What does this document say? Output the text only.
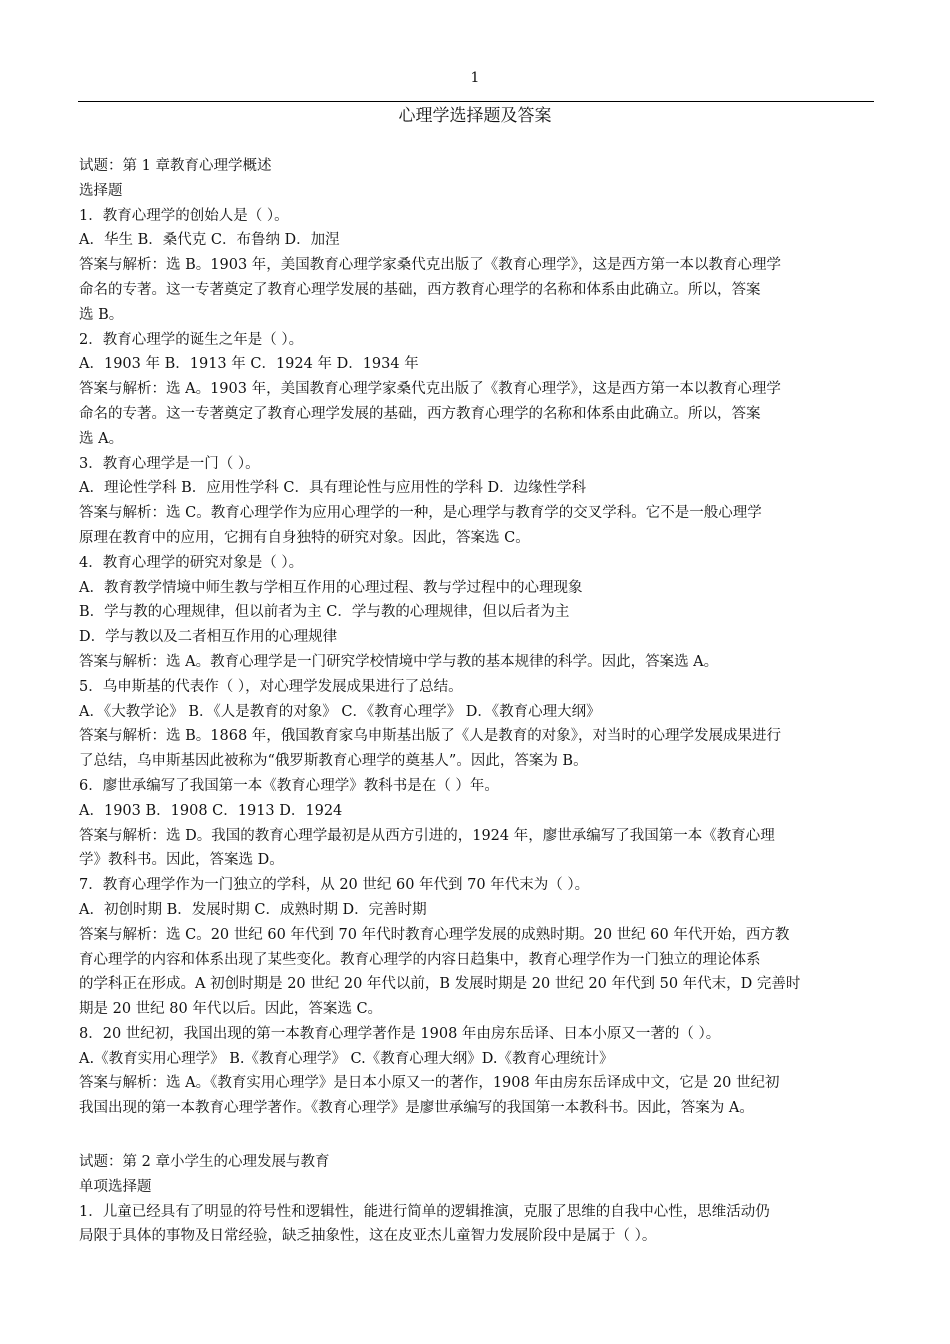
1
心理学选择题及答案
试题：第 1 章教育心理学概述
选择题
1．教育心理学的创始人是（ ）。
A．华生 B．桑代克 C．布鲁纳 D．加涅
答案与解析：选 B。1903 年，美国教育心理学家桑代克出版了《教育心理学》，这是西方第一本以教育心理学
命名的专著。这一专著奠定了教育心理学发展的基础，西方教育心理学的名称和体系由此确立。所以，答案
选 B。
2．教育心理学的诞生之年是（ ）。
A．1903 年 B．1913 年 C．1924 年 D．1934 年
答案与解析：选 A。1903 年，美国教育心理学家桑代克出版了《教育心理学》，这是西方第一本以教育心理学
命名的专著。这一专著奠定了教育心理学发展的基础，西方教育心理学的名称和体系由此确立。所以，答案
选 A。
3．教育心理学是一门（ ）。
A．理论性学科 B．应用性学科 C．具有理论性与应用性的学科 D．边缘性学科
答案与解析：选 C。教育心理学作为应用心理学的一种，是心理学与教育学的交叉学科。它不是一般心理学
原理在教育中的应用，它拥有自身独特的研究对象。因此，答案选 C。
4．教育心理学的研究对象是（ ）。
A．教育教学情境中师生教与学相互作用的心理过程、教与学过程中的心理现象
B．学与教的心理规律，但以前者为主 C．学与教的心理规律，但以后者为主
D．学与教以及二者相互作用的心理规律
答案与解析：选 A。教育心理学是一门研究学校情境中学与教的基本规律的科学。因此，答案选 A。
5．乌申斯基的代表作（ ），对心理学发展成果进行了总结。
A．《大教学论》 B．《人是教育的对象》 C．《教育心理学》 D．《教育心理大纲》
答案与解析：选 B。1868 年，俄国教育家乌申斯基出版了《人是教育的对象》，对当时的心理学发展成果进行
了总结，乌申斯基因此被称为“俄罗斯教育心理学的奠基人”。因此，答案为 B。
6．廖世承编写了我国第一本《教育心理学》教科书是在（ ）年。
A．1903 B．1908 C．1913 D．1924
答案与解析：选 D。我国的教育心理学最初是从西方引进的，1924 年，廖世承编写了我国第一本《教育心理
学》教科书。因此，答案选 D。
7．教育心理学作为一门独立的学科，从 20 世纪 60 年代到 70 年代末为（ ）。
A．初创时期 B．发展时期 C．成熟时期 D．完善时期
答案与解析：选 C。20 世纪 60 年代到 70 年代时教育心理学发展的成熟时期。20 世纪 60 年代开始，西方教
育心理学的内容和体系出现了某些变化。教育心理学的内容日趋集中，教育心理学作为一门独立的理论体系
的学科正在形成。A 初创时期是 20 世纪 20 年代以前，B 发展时期是 20 世纪 20 年代到 50 年代末，D 完善时
期是 20 世纪 80 年代以后。因此，答案选 C。
8．20 世纪初，我国出现的第一本教育心理学著作是 1908 年由房东岳译、日本小原又一著的（ ）。
A.《教育实用心理学》 B.《教育心理学》 C.《教育心理大纲》D.《教育心理统计》
答案与解析：选 A。《教育实用心理学》是日本小原又一的著作，1908 年由房东岳译成中文，它是 20 世纪初
我国出现的第一本教育心理学著作。《教育心理学》是廖世承编写的我国第一本教科书。因此，答案为 A。
试题：第 2 章小学生的心理发展与教育
单项选择题
1．儿童已经具有了明显的符号性和逻辑性，能进行简单的逻辑推演，克服了思维的自我中心性，思维活动仍
局限于具体的事物及日常经验，缺乏抽象性，这在皮亚杰儿童智力发展阶段中是属于（ ）。
